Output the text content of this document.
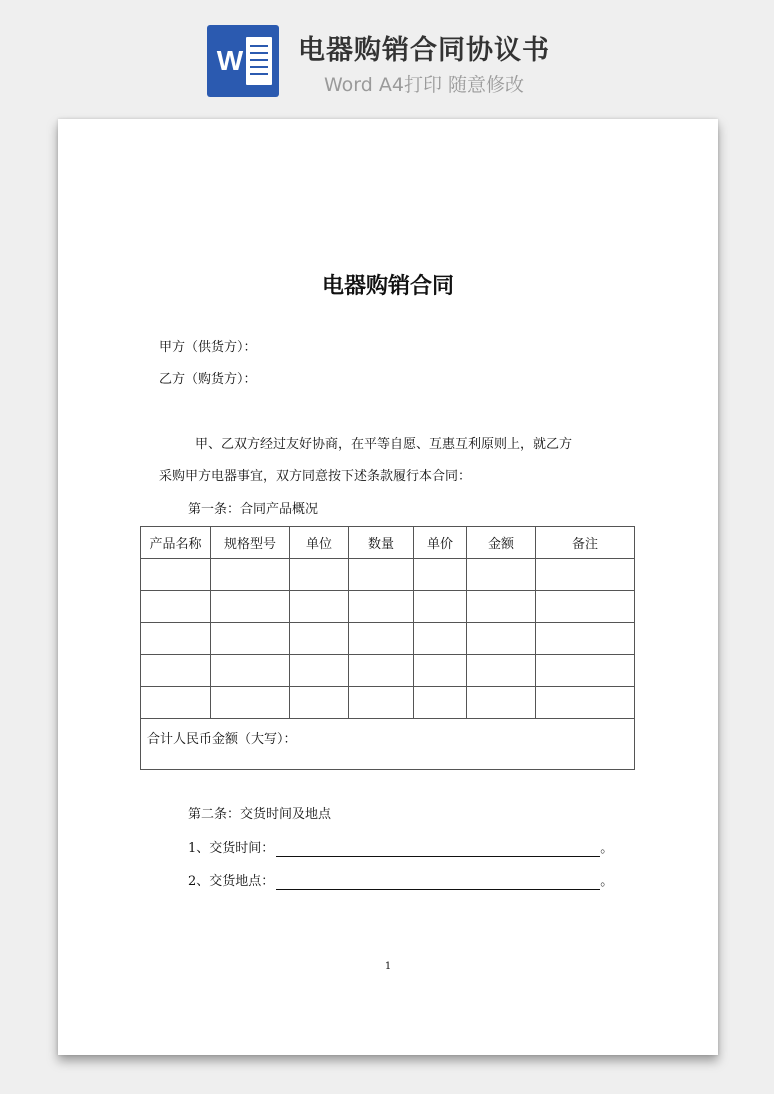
W 电器购销合同协议书
Word A4打印 随意修改
电器购销合同
甲方（供货方）：
乙方（购货方）：
甲、乙双方经过友好协商，在平等自愿、互惠互利原则上，就乙方
采购甲方电器事宜，双方同意按下述条款履行本合同：
第一条：合同产品概况
产品名称	规格型号	单位	数量	单价	金额	备注

合计人民币金额（大写）：						
第二条：交货时间及地点
1、交货时间：	。
2、交货地点：	。
1
